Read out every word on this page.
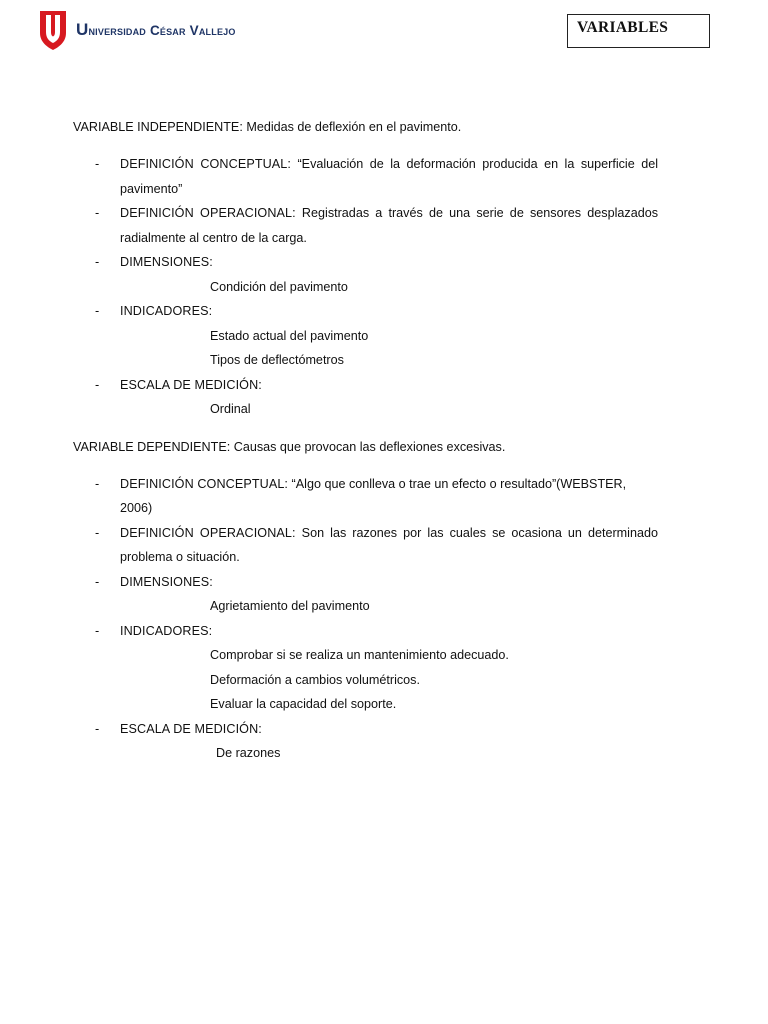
Universidad César Vallejo	VARIABLES

VARIABLE INDEPENDIENTE: Medidas de deflexión en el pavimento.

- DEFINICIÓN CONCEPTUAL: “Evaluación de la deformación producida en la superficie del pavimento”
- DEFINICIÓN OPERACIONAL: Registradas a través de una serie de sensores desplazados radialmente al centro de la carga.
- DIMENSIONES:
Condición del pavimento
- INDICADORES:
Estado actual del pavimento
Tipos de deflectómetros
- ESCALA DE MEDICIÓN:
Ordinal

VARIABLE DEPENDIENTE: Causas que provocan las deflexiones excesivas.

- DEFINICIÓN CONCEPTUAL: “Algo que conlleva o trae un efecto o resultado”(WEBSTER, 2006)
- DEFINICIÓN OPERACIONAL: Son las razones por las cuales se ocasiona un determinado problema o situación.
- DIMENSIONES:
Agrietamiento del pavimento
- INDICADORES:
Comprobar si se realiza un mantenimiento adecuado.
Deformación a cambios volumétricos.
Evaluar la capacidad del soporte.
- ESCALA DE MEDICIÓN:
De razones
